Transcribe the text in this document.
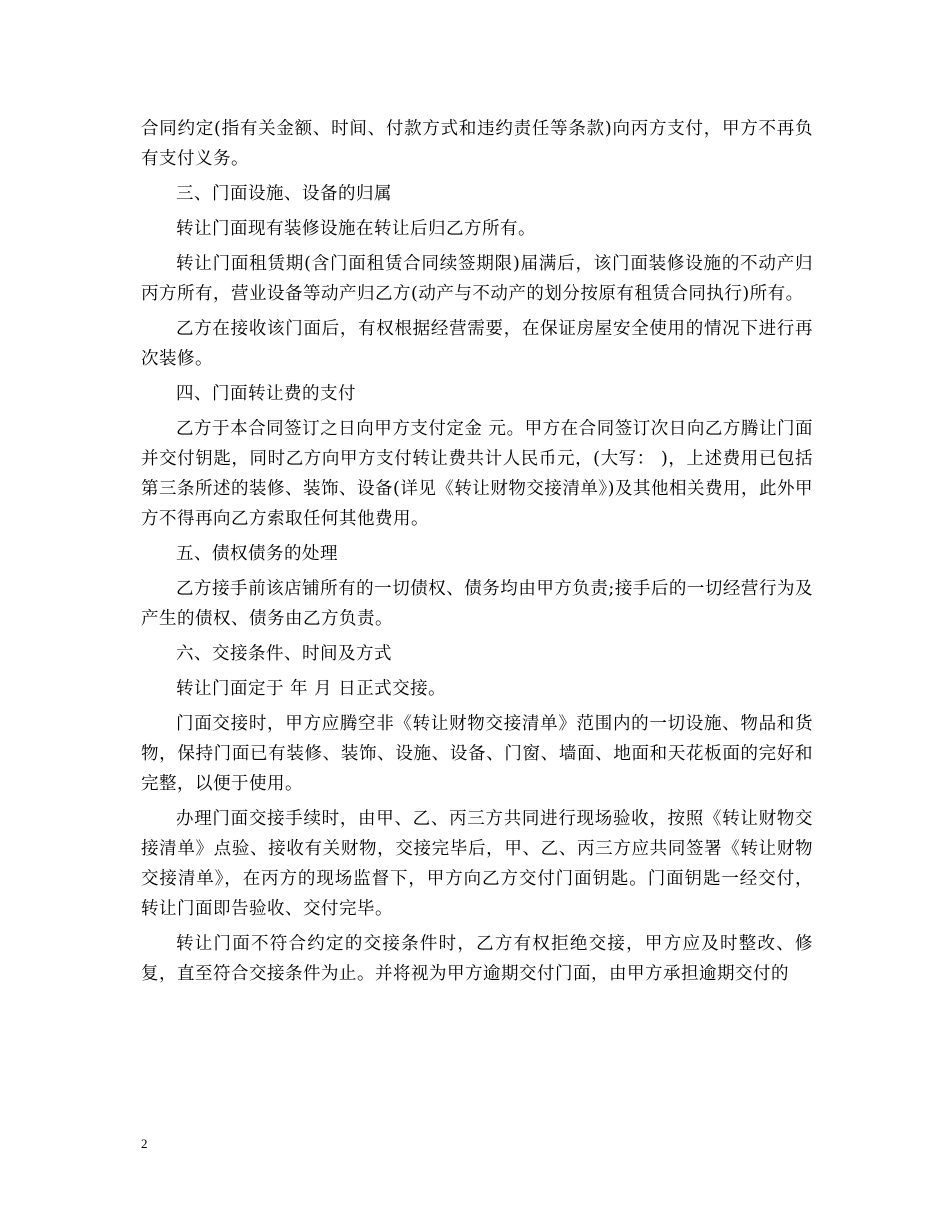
合同约定(指有关金额、时间、付款方式和违约责任等条款)向丙方支付，甲方不再负有支付义务。

三、门面设施、设备的归属

转让门面现有装修设施在转让后归乙方所有。

转让门面租赁期(含门面租赁合同续签期限)届满后，该门面装修设施的不动产归丙方所有，营业设备等动产归乙方(动产与不动产的划分按原有租赁合同执行)所有。

乙方在接收该门面后，有权根据经营需要，在保证房屋安全使用的情况下进行再次装修。

四、门面转让费的支付

乙方于本合同签订之日向甲方支付定金 元。甲方在合同签订次日向乙方腾让门面并交付钥匙，同时乙方向甲方支付转让费共计人民币元，(大写： )，上述费用已包括第三条所述的装修、装饰、设备(详见《转让财物交接清单》)及其他相关费用，此外甲方不得再向乙方索取任何其他费用。

五、债权债务的处理

乙方接手前该店铺所有的一切债权、债务均由甲方负责;接手后的一切经营行为及产生的债权、债务由乙方负责。

六、交接条件、时间及方式

转让门面定于 年 月 日正式交接。

门面交接时，甲方应腾空非《转让财物交接清单》范围内的一切设施、物品和货物，保持门面已有装修、装饰、设施、设备、门窗、墙面、地面和天花板面的完好和完整，以便于使用。

办理门面交接手续时，由甲、乙、丙三方共同进行现场验收，按照《转让财物交接清单》点验、接收有关财物，交接完毕后，甲、乙、丙三方应共同签署《转让财物交接清单》，在丙方的现场监督下，甲方向乙方交付门面钥匙。门面钥匙一经交付，转让门面即告验收、交付完毕。

转让门面不符合约定的交接条件时，乙方有权拒绝交接，甲方应及时整改、修复，直至符合交接条件为止。并将视为甲方逾期交付门面，由甲方承担逾期交付的

2
